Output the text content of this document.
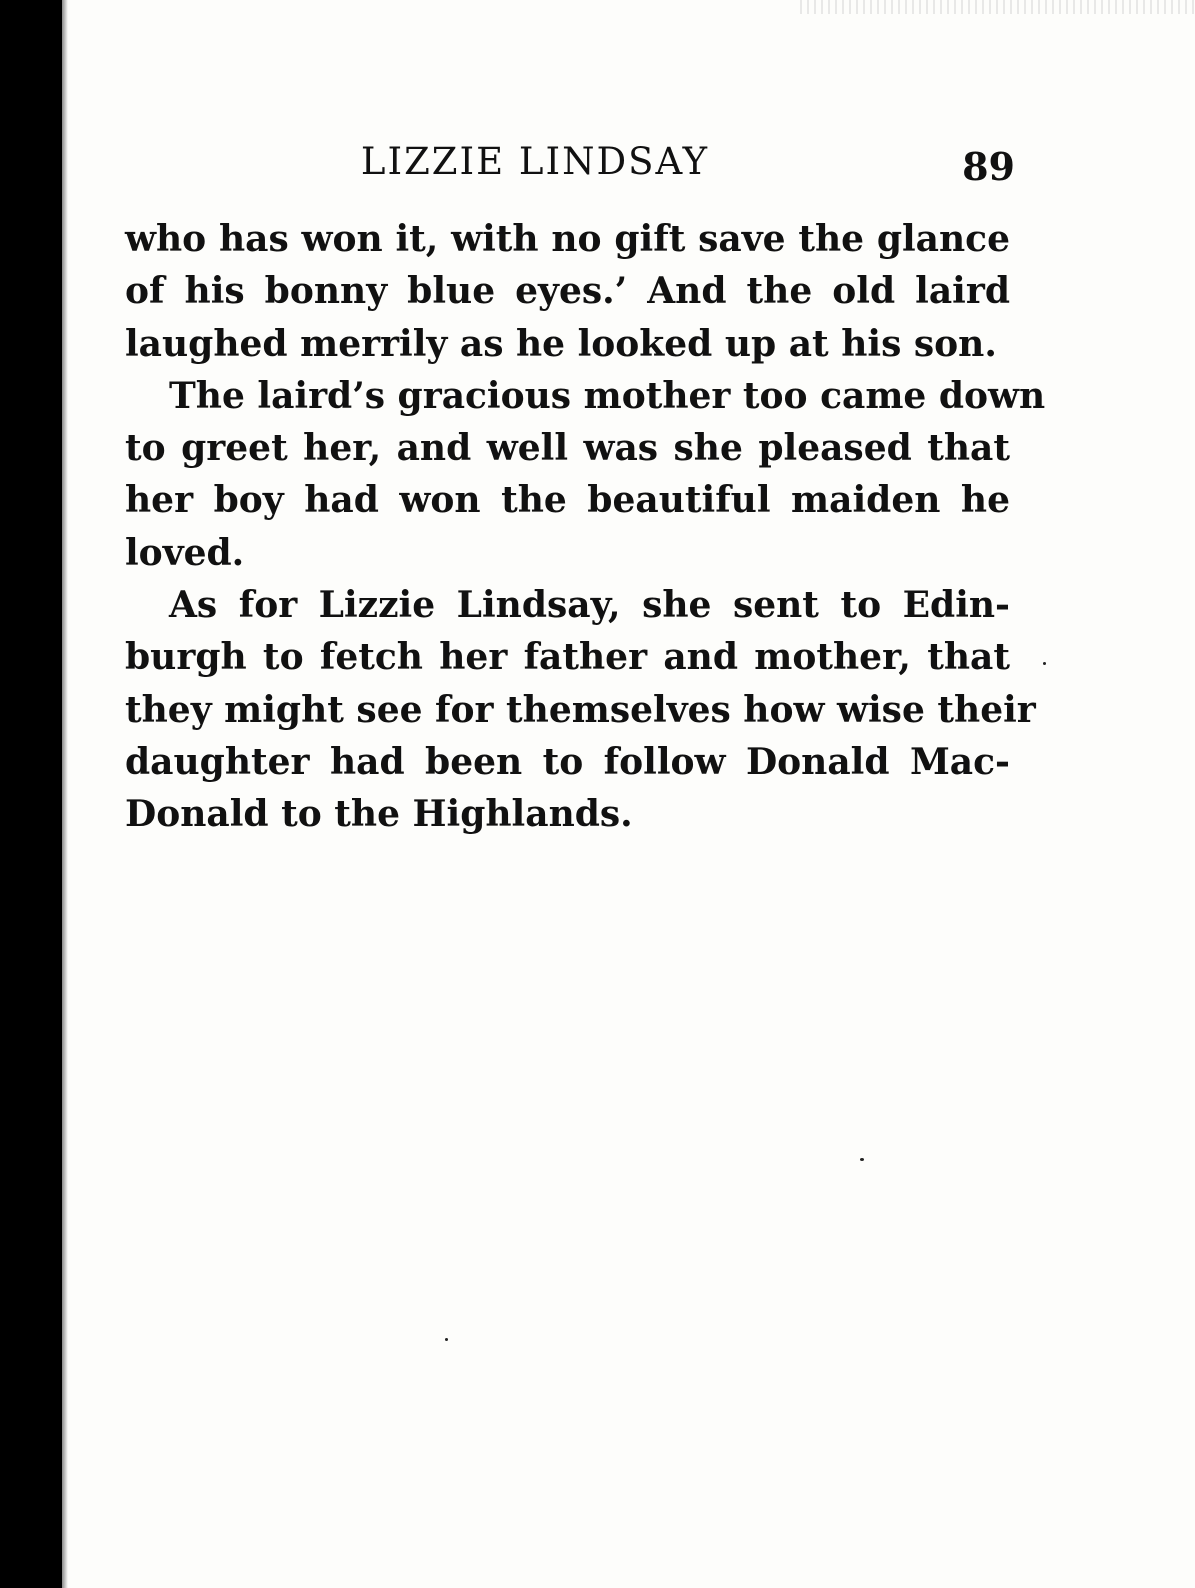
LIZZIE LINDSAY	89

who has won it, with no gift save the glance
of his bonny blue eyes.’ And the old laird
laughed merrily as he looked up at his son.

The laird’s gracious mother too came down
to greet her, and well was she pleased that
her boy had won the beautiful maiden he
loved.

As for Lizzie Lindsay, she sent to Edin-
burgh to fetch her father and mother, that
they might see for themselves how wise their
daughter had been to follow Donald Mac-
Donald to the Highlands.
